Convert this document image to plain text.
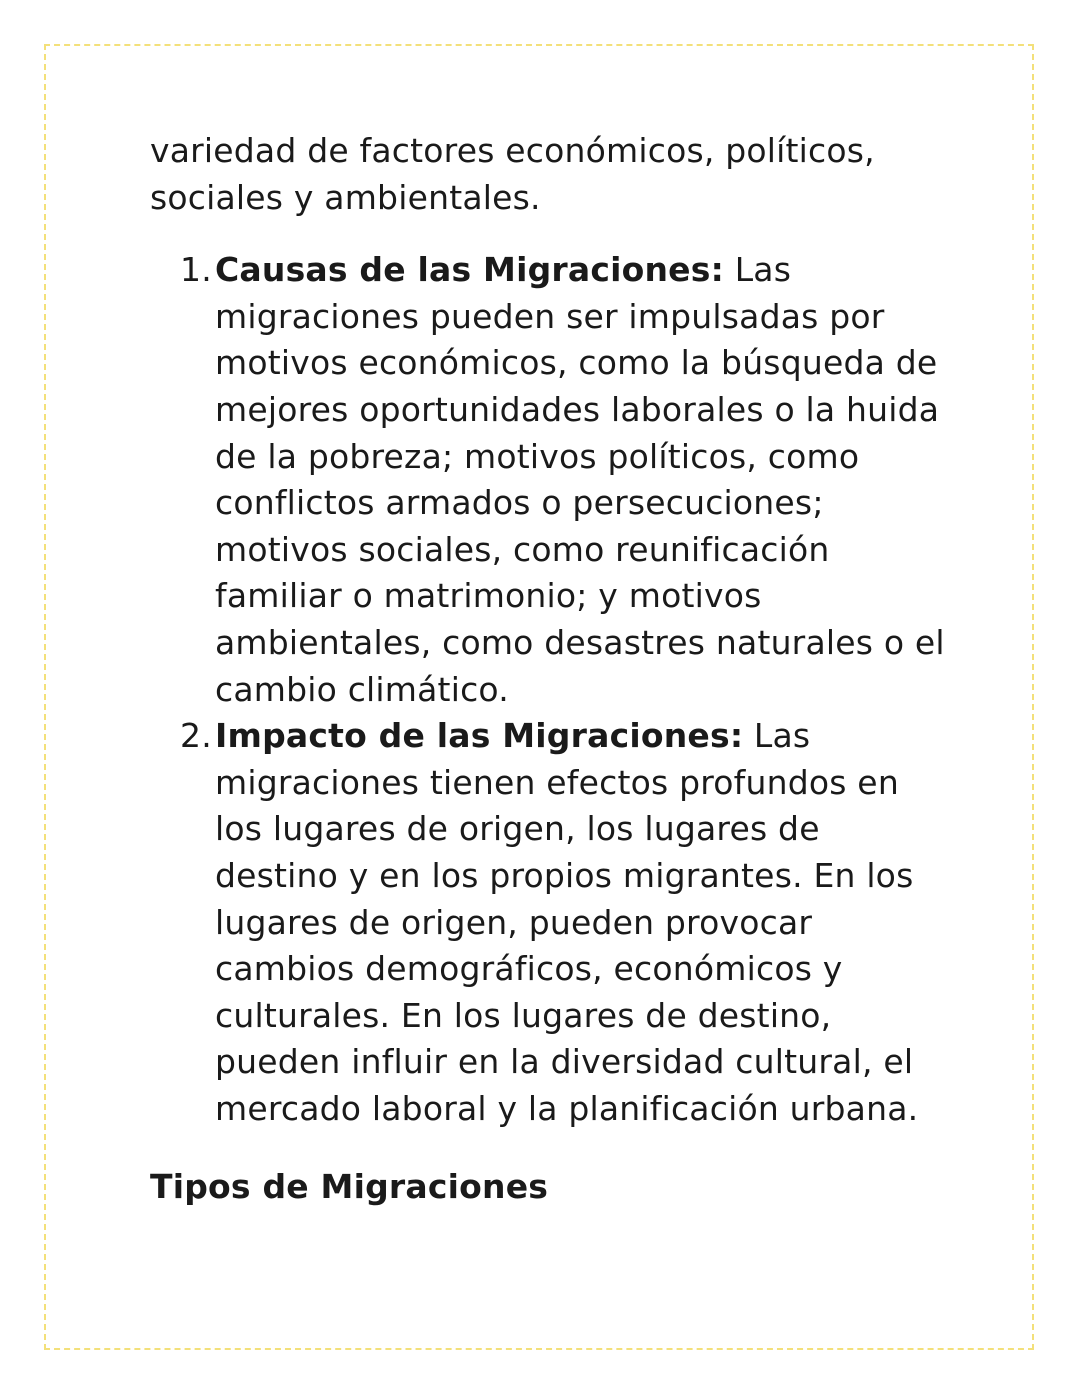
variedad de factores económicos, políticos, sociales y ambientales.

1. Causas de las Migraciones: Las migraciones pueden ser impulsadas por motivos económicos, como la búsqueda de mejores oportunidades laborales o la huida de la pobreza; motivos políticos, como conflictos armados o persecuciones; motivos sociales, como reunificación familiar o matrimonio; y motivos ambientales, como desastres naturales o el cambio climático.
2. Impacto de las Migraciones: Las migraciones tienen efectos profundos en los lugares de origen, los lugares de destino y en los propios migrantes. En los lugares de origen, pueden provocar cambios demográficos, económicos y culturales. En los lugares de destino, pueden influir en la diversidad cultural, el mercado laboral y la planificación urbana.
Tipos de Migraciones
